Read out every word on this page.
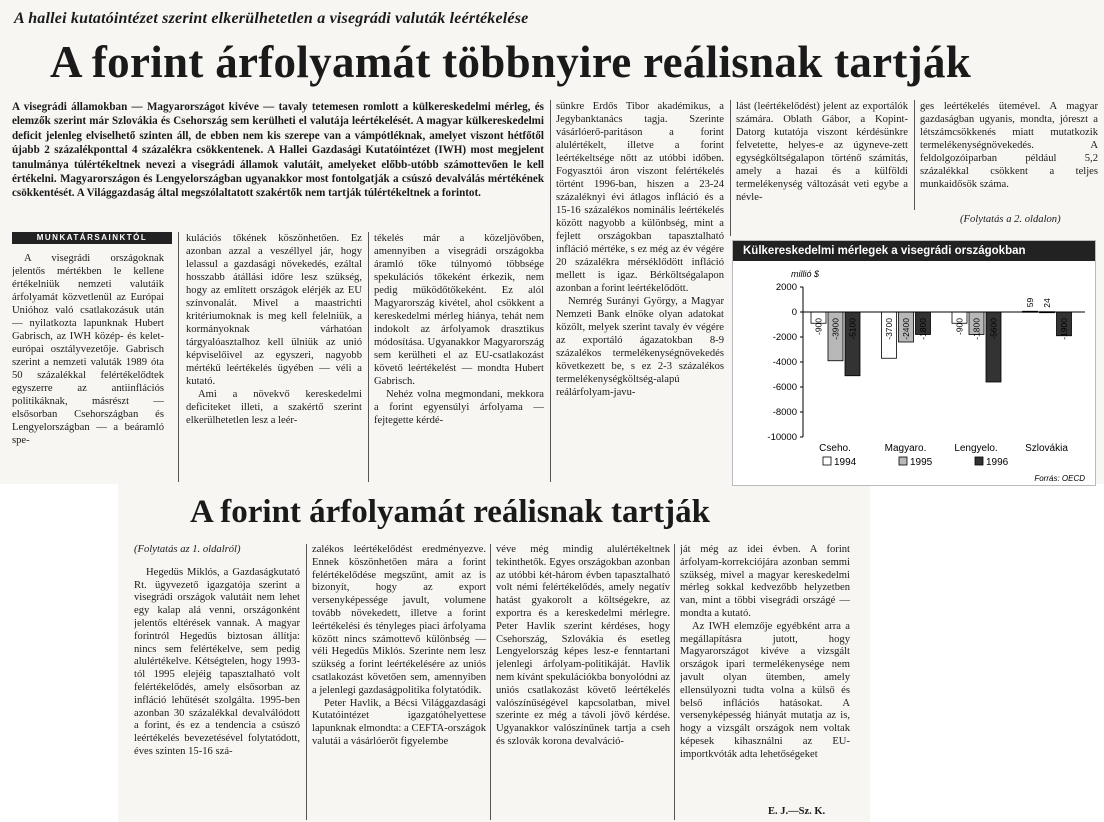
A hallei kutatóintézet szerint elkerülhetetlen a visegrádi valuták leértékelése
A forint árfolyamát többnyire reálisnak tartják
A visegrádi államokban — Magyarországot kivéve — tavaly tetemesen romlott a külkereskedelmi mérleg, és elemzők szerint már Szlovákia és Csehország sem kerülheti el valutája leértékelését. A magyar külkereskedelmi deficit jelenleg elviselhető szinten áll, de ebben nem kis szerepe van a vámpótléknak, amelyet viszont hétfőtől újabb 2 százalékponttal 4 százalékra csökkentenek. A Hallei Gazdasági Kutatóintézet (IWH) most megjelent tanulmánya túlértékeltnek nevezi a visegrádi államok valutáit, amelyeket előbb-utóbb számottevően le kell értékelni. Magyarországon és Lengyelországban ugyanakkor most fontolgatják a csúszó devalválás mértékének csökkentését. A Világgazdaság által megszólaltatott szakértők nem tartják túlértékeltnek a forintot.
MUNKATÁRSAINKTÓL

A visegrádi országoknak jelentős mértékben le kellene értékelniük nemzeti valutáik árfolyamát közvetlenül az Európai Unióhoz való csatlakozásuk után — nyilatkozta lapunknak Hubert Gabrisch, az IWH közép- és kelet-európai osztályvezetője. Gabrisch szerint a nemzeti valuták 1989 óta 50 százalékkal felértékelődtek egyszerre az antiinflációs politikáknak, másrészt — elsősorban Csehországban és Lengyelországban — a beáramló spe-

kulációs tőkének köszönhetően. Ez azonban azzal a veszéllyel jár, hogy lelassul a gazdasági növekedés, ezáltal hosszabb átállási időre lesz szükség, hogy az említett országok elérjék az EU színvonalát. Mivel a maastrichti kritériumoknak is meg kell felelniük, a kormányoknak várhatóan tárgyalóasztalhoz kell ülniük az unió képviselőivel az egyszeri, nagyobb mértékű leértékelés ügyében — véli a kutató.

Ami a növekvő kereskedelmi deficiteket illeti, a szakértő szerint elkerülhetetlen lesz a leér-

tékelés már a közeljövőben, amennyiben a visegrádi országokba áramló tőke túlnyomó többsége spekulációs tőkeként érkezik, nem pedig működőtőkeként. Ez alól Magyarország kivétel, ahol csökkent a kereskedelmi mérleg hiánya, tehát nem indokolt az árfolyamok drasztikus módosítása. Ugyanakkor Magyarország sem kerülheti el az EU-csatlakozást követő leértékelést — mondta Hubert Gabrisch.

Nehéz volna megmondani, mekkora a forint egyensúlyi árfolyama — fejtegette kérdé-

sünkre Erdős Tibor akadémikus, a Jegybanktanács tagja. Szerinte vásárlóerő-paritáson a forint alulértékelt, illetve a forint leértékeltsége nőtt az utóbbi időben. Fogyasztói áron viszont felértékelés történt 1996-ban, hiszen a 23-24 százaléknyi évi átlagos infláció és a 15-16 százalékos nominális leértékelés között nagyobb a különbség, mint a fejlett országokban tapasztalható infláció mértéke, s ez még az év végére 20 százalékra mérséklődött infláció mellett is igaz. Bérköltségalapon azonban a forint leértékelődött.

Nemrég Surányi György, a Magyar Nemzeti Bank elnöke olyan adatokat közölt, melyek szerint tavaly év végére az exportáló ágazatokban 8-9 százalékos termelékenységnövekedés következett be, s ez 2-3 százalékos termelékenységköltség-alapú reálárfolyam-javu-

lást (leértékelődést) jelent az exportálók számára. Oblath Gábor, a Kopint-Datorg kutatója viszont kérdésünkre felvetette, helyes-e az úgyneve-zett egységköltségalapon történő számítás, amely a hazai és a külföldi termelékenység változását veti egybe a névle-

ges leértékelés ütemével. A magyar gazdaságban ugyanis, mondta, jóreszt a létszámcsökkenés miatt mutatkozik termelékenységnövekedés. A feldolgozóiparban például 5,2 százalékkal csökkent a teljes munkaidősök száma.

(Folytatás a 2. oldalon)
Külkereskedelmi mérlegek a visegrádi országokban
millió $
2000
0
-2000
-4000
-6000
-8000
-10000
-900 -3900 -5100
Cseho.
-3700 -2400 -1800
Magyaro.
-900 -1800 -5600
Lengyelo.
59 24
-1900
Szlovákia
1994	1995	1996
Forrás: OECD
A forint árfolyamát reálisnak tartják

(Folytatás az 1. oldalról)

Hegedüs Miklós, a Gazdaságkutató Rt. ügyvezető igazgatója szerint a visegrádi országok valutáit nem lehet egy kalap alá venni, országonként jelentős eltérések vannak. A magyar forintról Hegedüs biztosan állítja: nincs sem felértékelve, sem pedig alulértékelve. Kétségtelen, hogy 1993-tól 1995 elejéig tapasztalható volt felértékelődés, amely elsősorban az infláció lehűtését szolgálta. 1995-ben azonban 30 százalékkal devalválódott a forint, és ez a tendencia a csúszó leértékelés bevezetésével folytatódott, éves szinten 15-16 szá-

zalékos leértékelődést eredményezve. Ennek köszönhetően mára a forint felértékelődése megszűnt, amit az is bizonyít, hogy az export versenyképessége javult, volumene tovább növekedett, illetve a forint leértékelési és tényleges piaci árfolyama között nincs számottevő különbség — véli Hegedüs Miklós. Szerinte nem lesz szükség a forint leértékelésére az uniós csatlakozást követően sem, amennyiben a jelenlegi gazdaságpolitika folytatódik.

Peter Havlik, a Bécsi Világgazdasági Kutatóintézet igazgatóhelyettese lapunknak elmondta: a CEFTA-országok valutái a vásárlóerőt figyelembe

véve még mindig alulértékeltnek tekinthetők. Egyes országokban azonban az utóbbi két-három évben tapasztalható volt némi felértékelődés, amely negatív hatást gyakorolt a költségekre, az exportra és a kereskedelmi mérlegre. Peter Havlik szerint kérdéses, hogy Csehország, Szlovákia és esetleg Lengyelország képes lesz-e fenntartani jelenlegi árfolyam-politikáját. Havlik nem kívánt spekulációkba bonyolódni az uniós csatlakozást követő leértékelés valószínűségével kapcsolatban, mivel szerinte ez még a távoli jövő kérdése. Ugyanakkor valószínűnek tartja a cseh és szlovák korona devalváció-

ját még az idei évben. A forint árfolyam-korrekciójára azonban semmi szükség, mivel a magyar kereskedelmi mérleg sokkal kedvezőbb helyzetben van, mint a többi visegrádi országé — mondta a kutató.

Az IWH elemzője egyébként arra a megállapításra jutott, hogy Magyarországot kivéve a vizsgált országok ipari termelékenysége nem javult olyan ütemben, amely ellensúlyozni tudta volna a külső és belső inflációs hatásokat. A versenyképesség hiányát mutatja az is, hogy a vizsgált országok nem voltak képesek kihasználni az EU-importkvóták adta lehetőségeket

E. J.—Sz. K.
